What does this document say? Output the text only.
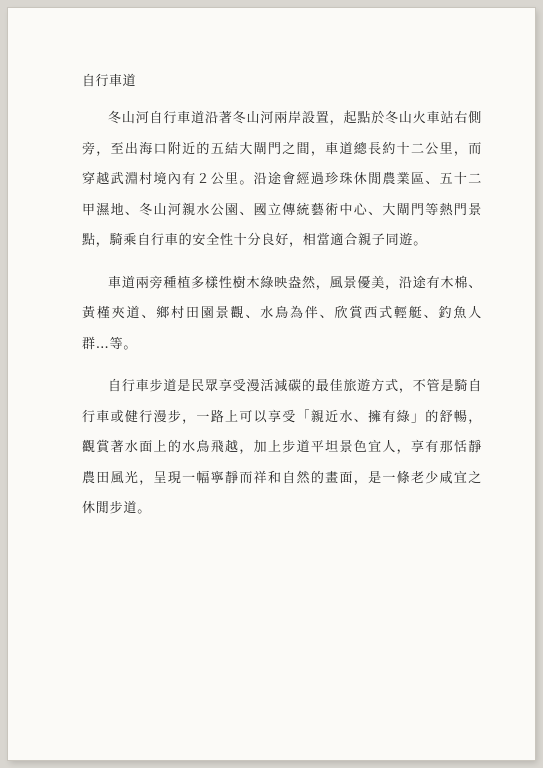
自行車道

冬山河自行車道沿著冬山河兩岸設置，起點於冬山火車站右側旁，至出海口附近的五結大閘門之間，車道總長約十二公里，而穿越武淵村境內有２公里。沿途會經過珍珠休閒農業區、五十二甲濕地、冬山河親水公園、國立傳統藝術中心、大閘門等熱門景點，騎乘自行車的安全性十分良好，相當適合親子同遊。

車道兩旁種植多樣性樹木綠映盎然，風景優美，沿途有木棉、黃槿夾道、鄉村田園景觀、水鳥為伴、欣賞西式輕艇、釣魚人群…等。

自行車步道是民眾享受漫活減碳的最佳旅遊方式，不管是騎自行車或健行漫步，一路上可以享受「親近水、擁有綠」的舒暢，觀賞著水面上的水鳥飛越，加上步道平坦景色宜人，享有那恬靜農田風光，呈現一幅寧靜而祥和自然的畫面，是一條老少咸宜之休閒步道。
